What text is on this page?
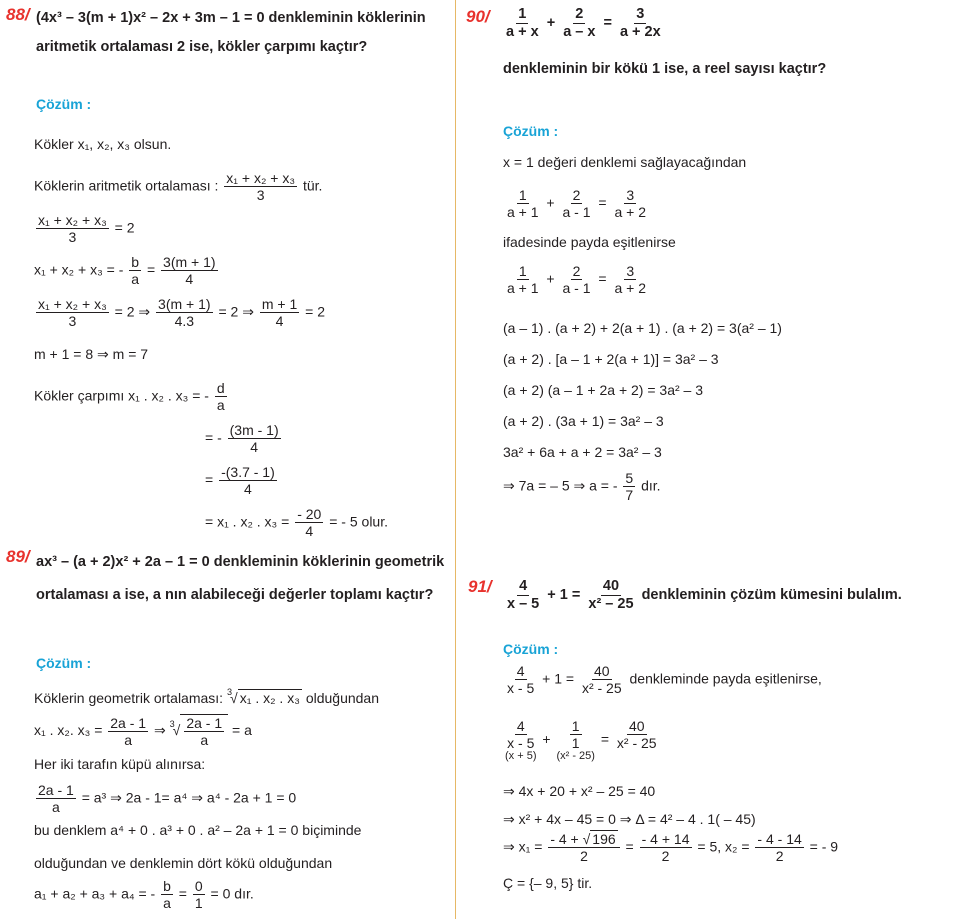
88/ (4x³ – 3(m + 1)x² – 2x + 3m – 1 = 0 denkleminin köklerinin
aritmetik ortalaması 2 ise, kökler çarpımı kaçtır?
Çözüm :
Kökler x₁, x₂, x₃ olsun.
Köklerin aritmetik ortalaması : $\frac{\text{x₁ + x₂ + x₃}}{3}$ tür.
$\frac{\text{x₁ + x₂ + x₃}}{3} = 2$
x₁ + x₂ + x₃ = - $\frac{b}{a} = \frac{3(m + 1)}{4}$
$\frac{\text{x₁ + x₂ + x₃}}{3} = 2$ ⇒ $\frac{3(m + 1)}{4.3} = 2$ ⇒ $\frac{m + 1}{4} = 2$
m + 1 = 8 ⇒ m = 7
Kökler çarpımı x₁ . x₂ . x₃ = - $\frac{d}{a}$
= - $\frac{(3m - 1)}{4}$
= $\frac{-(3.7 - 1)}{4}$
= x₁ . x₂ . $x_3 = \frac{- 20}{4}$ = - 5 olur.
89/ ax³ – (a + 2)x² + 2a – 1 = 0 denkleminin köklerinin geometrik
ortalaması a ise, a nın alabileceği değerler toplamı kaçtır?
Çözüm :
Köklerin geometrik ortalaması: $^3$√ x₁ . x₂ . x₃ olduğundan
x₁ . x₂. $x_3 = \frac{2a - 1}{a}$ ⇒ $^3√ \frac{2a - 1}{a} = a$
Her iki tarafın küpü alınırsa:
$\frac{2a - 1}{a} = a^3$ ⇒ 2a - 1= a⁴ ⇒ a⁴ - 2a + 1 = 0
bu denklem a⁴ + 0 . a³ + 0 . a² – 2a + 1 = 0 biçiminde
olduğundan ve denklemin dört kökü olduğundan
a₁ + a₂ + a₃ + a₄ = - $\frac{b}{a} = \frac{0}{1} = 0$ dır.
$90/ \frac{1}{a + x} + \frac{2}{a - x} = \frac{3}{a + 2x}$
denkleminin bir kökü 1 ise, a reel sayısı kaçtır?
Çözüm :
x = 1 değeri denklemi sağlayacağından
$\frac{1}{a + 1} + \frac{2}{a - 1} = \frac{3}{a + 2}$
ifadesinde payda eşitlenirse
$\frac{1}{a + 1} + \frac{2}{a - 1} = \frac{3}{a + 2}$
(a – 1) . (a + 2) + 2(a + 1) . (a + 2) = 3(a² – 1)
(a + 2) . [a – 1 + 2(a + 1)] = 3a² – 3
(a + 2) (a – 1 + 2a + 2) = 3a² – 3
(a + 2) . (3a + 1) = 3a² – 3
3a² + 6a + a + 2 = 3a² – 3
⇒ 7a = – 5 ⇒ a = - $\frac{5}{7}$ dır.
$91/ \frac{4}{x - 5} + 1 = \frac{40}{\text{x² – 25}}$ denkleminin çözüm kümesini bulalım.
Çözüm :
$\frac{4}{x - 5} + 1 = \frac{40}{\text{x² - 25}}$ denkleminde payda eşitlenirse,
4
x - 5
(x + 5)
+
1
1
(x² - 25)
= $\frac{40}{\text{x² - 25}}$
⇒ 4x + 20 + x² – 25 = 40
⇒ x² + 4x – 45 = 0 ⇒ Δ = 4² – 4 . 1( – 45)
⇒ $x_1 = \frac{- 4 + √ 196}{2} = \frac{- 4 + 14}{2} = 5$, $x_2 = \frac{- 4 - 14}{2}$ = - 9
Ç = {– 9, 5} tir.
